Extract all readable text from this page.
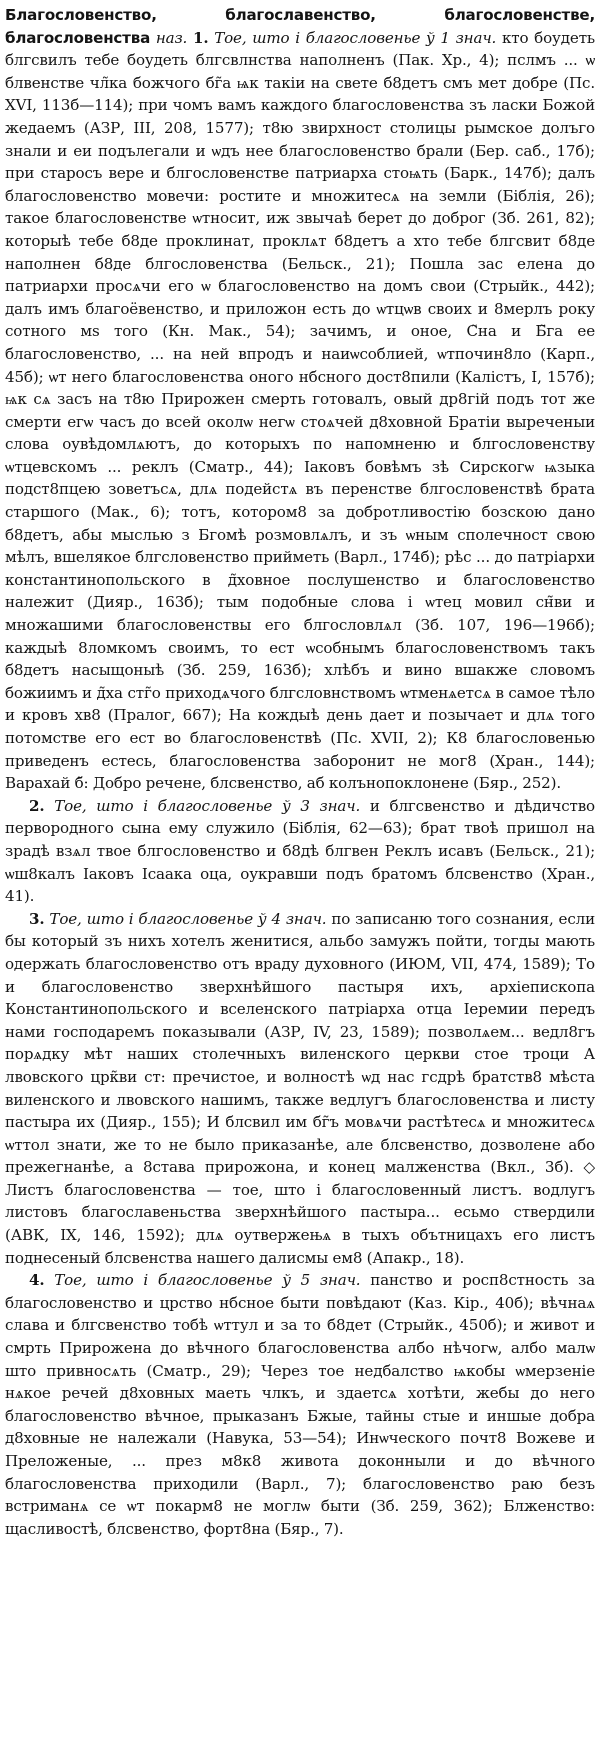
Благословенство, благославенство, благословенстве, благословенства наз. 1. Тое, што і благословенье ў 1 знач. кто боудеть блгсвилъ тебе боудеть блгсвлнства наполненъ (Пак. Хр., 4); пслмъ ... ѡ блвенстве чл̃ка божчого бг̃а ѩк такіи на свете б8детъ смъ мет добре (Пс. XVI, 113б—114); при чомъ вамъ каждого благословенства зъ ласки Божой жедаемъ (АЗР, III, 208, 1577); т8ю звирхност столицы рымское долъго знали и еи подълегали и ѡдъ нее благословенство брали (Бер. саб., 17б); при старосъ вере и блгословенстве патриарха стоѩть (Барк., 147б); далъ благословенство мовечи: ростите и множитесѧ на земли (Біблія, 26); такое благословенстве ѡтносит, иж звычаѣ берет до доброг (Зб. 261, 82); которыѣ тебе б8де проклинат, проклѧт б8детъ а хто тебе блгсвит б8де наполнен б8де блгословенства (Бельск., 21); Пошла зас елена до патриархи просѧчи его ѡ благословенство на домъ свои (Стрыйк., 442); далъ имъ благоёвенство, и приложон есть до ѡтцѡв своих и 8мерлъ року сотного мѕ того (Кн. Мак., 54); зачимъ, и оное, С̃на и Б̃га ее благословенство, ... на ней впродъ и наиѡсоблией, ѡтпочин8ло (Карп., 45б); ѡт него благословенства оного нбсного дост8пили (Калістъ, I, 157б); ѩк сѧ засъ на т8ю Прирожен смерть готовалъ, овый др8гій подъ тот же смерти егѡ часъ до всей околѡ негѡ стоѧчей д8ховной Братіи выреченыи слова оувѣдомлѧютъ, до которыхъ по напомненю и блгословенству ѡтцевскомъ ... реклъ (Сматр., 44); Іаковъ бовѣмъ зѣ Сирскогѡ ѩзыка подст8пцею зоветъсѧ, длѧ подейстѧ въ перенстве блгословенствѣ брата старшого (Мак., 6); тотъ, котором8 за добротливостію бозскою дано б8детъ, абы мыслью з Бгомѣ розмовлѧлъ, и зъ ѡным сполечност свою мѣлъ, вшелякое блгсловенство прийметь (Варл., 174б); рѣс ... до патріархи константинопольского в д̃ховное послушенство и благословенство належит (Дияр., 163б); тым подобные слова і ѡтец мовил сн̃ви и множашими благословенствы его блгословлѧл (Зб. 107, 196—196б); каждыѣ 8ломкомъ своимъ, то ест ѡсобнымъ благословенствомъ такъ б8детъ насыщоныѣ (Зб. 259, 163б); хлѣбъ и вино вшакже словомъ божиимъ и д̃ха стг̃о приходѧчого блгсловнствомъ ѡтменѧетсѧ в самое тѣло и кровъ хв8 (Пралог, 667); На кождыѣ день дает и позычает и длѧ того потомстве его ест во благословенствѣ (Пс. XVII, 2); К8 благословенью приведенъ естесь, благословенства заборонит не мог8 (Хран., 144); Варахай б̃: Добро речене, блсвенство, аб колънопоклонене (Бяр., 252).

2. Тое, што і благословенье ў 3 знач. и блгсвенство и дѣдичство первородного сына ему служило (Біблія, 62—63); брат твоѣ пришол на зрадѣ взѧл твое блгословенство и б8дѣ блгвен Реклъ исавъ (Бельск., 21); ѡш8калъ Іаковъ Ісаака оца, оукравши подъ братомъ блсвенство (Хран., 41).

3. Тое, што і благословенье ў 4 знач. по записаню того сознания, если бы который зъ нихъ хотелъ женитися, альбо замужъ пойти, тогды мають одержать благословенство отъ враду духовного (ИЮМ, VII, 474, 1589); То и благословенство зверхнѣйшого пастыря ихъ, архіепископа Константинопольского и вселенского патріарха отца Іеремии передъ нами господаремъ показывали (АЗР, IV, 23, 1589); позволѧем... ведл8гъ порѧдку мѣт наших столечныхъ виленского церкви стое троци А лвовского црк̃ви ст: пречистое, и волностѣ ѡд нас гсдрѣ братств8 мѣста виленского и лвовского нашимъ, также ведлугъ благословенства и листу пастыра их (Дияр., 155); И блсвил им бг̃ъ мовѧчи растѣтесѧ и множитесѧ ѡттол знати, же то не было приказанѣе, але блсвенство, дозволене або прежегнанѣе, а 8става прирожона, и конец малженства (Вкл., 3б). ◇ Листъ благословенства — тое, што і благословенный листъ. водлугъ листовъ благославеньства зверхнѣйшого пастыра... есьмо ствердили (АВК, IX, 146, 1592); длѧ оутвержењѧ в тыхъ обътницахъ его листъ поднесеный блсвенства нашего далисмы ем8 (Апакр., 18).

4. Тое, што і благословенье ў 5 знач. панство и росп8стность за благословенство и црство нбсное быти повѣдают (Каз. Кір., 40б); вѣчнаѧ слава и блгсвенство тобѣ ѡттул и за то б8дет (Стрыйк., 450б); и живот и смрть Прирожена до вѣчного благословенства албо нѣчогѡ, албо малѡ што привносѧть (Сматр., 29); Через тое недбалство ѩкобы ѡмерзеніе нѧкое речей д8ховных маеть члкъ, и здаетсѧ хотѣти, жебы до него благословенство вѣчное, прыказанъ Бжые, тайны стые и иншые добра д8ховные не належали (Навука, 53—54); Инѡческого почт8 Вожеве и Преложеные, ... през м8к8 живота доконныли и до вѣчного благословенства приходили (Варл., 7); благословенство раю безъ встриманѧ се ѡт покарм8 не моглѡ быти (Зб. 259, 362); Блженство: щасливостѣ, блсвенство, форт8на (Бяр., 7).
